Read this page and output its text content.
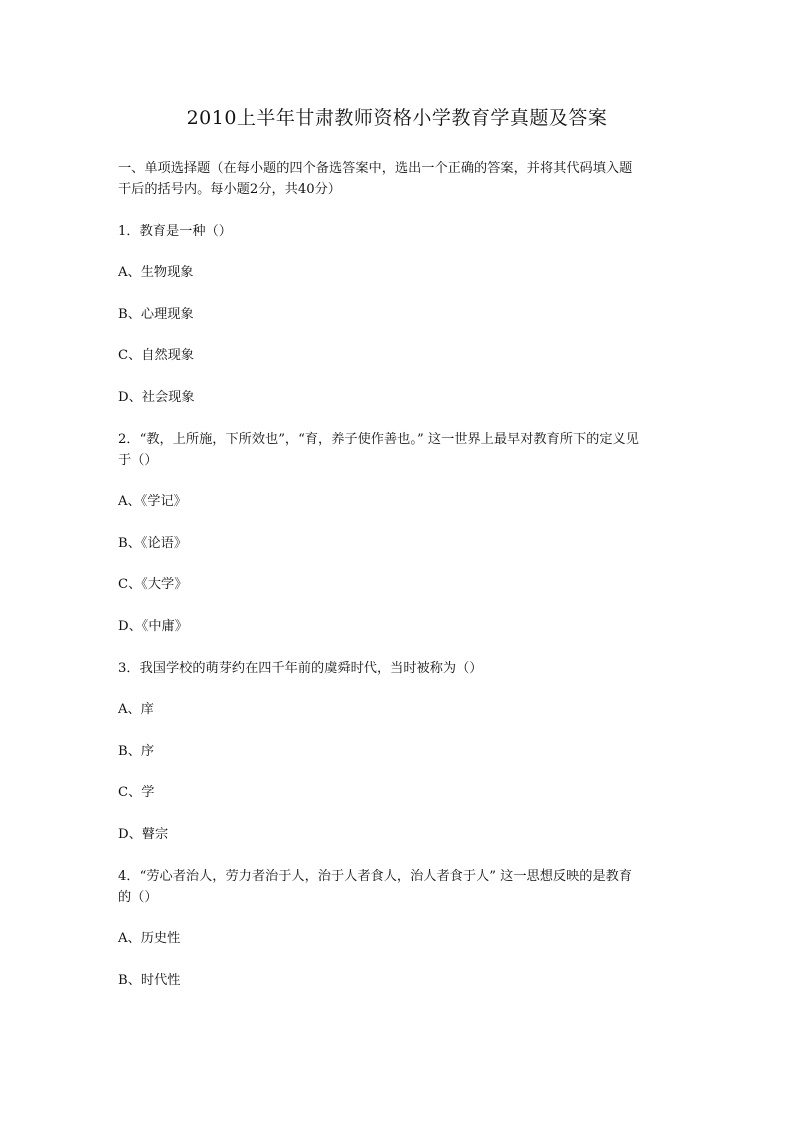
2010上半年甘肃教师资格小学教育学真题及答案
一、单项选择题（在每小题的四个备选答案中，选出一个正确的答案，并将其代码填入题
干后的括号内。每小题2分，共40分）
1．教育是一种（）
A、生物现象
B、心理现象
C、自然现象
D、社会现象
2．“教，上所施，下所效也”，“育，养子使作善也。” 这一世界上最早对教育所下的定义见
于（）
A、《学记》
B、《论语》
C、《大学》
D、《中庸》
3．我国学校的萌芽约在四千年前的虞舜时代，当时被称为（）
A、庠
B、序
C、学
D、瞽宗
4．“劳心者治人，劳力者治于人，治于人者食人，治人者食于人” 这一思想反映的是教育
的（）
A、历史性
B、时代性
